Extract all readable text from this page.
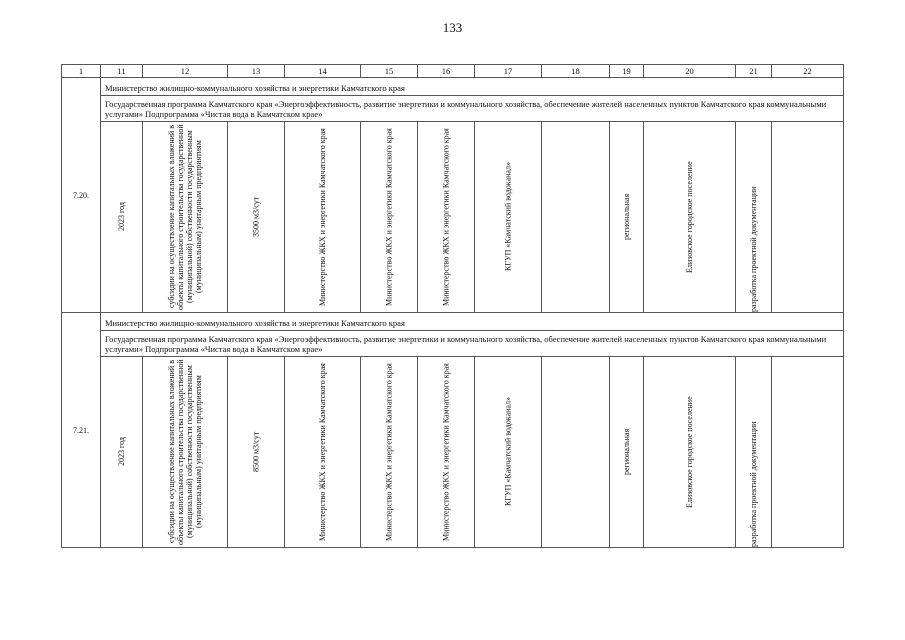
133
1	11	12	13	14	15	16	17	18	19	20	21	22
7.20.	Министерство жилищно-коммунального хозяйства и энергетики Камчатского края											
	Государственная программа Камчатского края «Энергоэффективность, развитие энергетики и коммунального хозяйства, обеспечение жителей населенных пунктов Камчатского края коммунальными услугами» Подпрограмма «Чистая вода в Камчатском крае»											

2023 год	субсидии на осуществление капитальных вложений в объекты капитального строительства государственной (муниципальной) собственности государственным (муниципальным) унитарным предприятиям	3500 м3/сут	Министерство ЖКХ и энергетики Камчатского края	Министерство ЖКХ и энергетики Камчатского края	Министерство ЖКХ и энергетики Камчатского края	КГУП «Камчатский водоканал»		региональная	Елизовское городское поселение	разработка проектной документации	

7.21.	Министерство жилищно-коммунального хозяйства и энергетики Камчатского края											
	Государственная программа Камчатского края «Энергоэффективность, развитие энергетики и коммунального хозяйства, обеспечение жителей населенных пунктов Камчатского края коммунальными услугами» Подпрограмма «Чистая вода в Камчатском крае»											

2023 год	субсидии на осуществление капитальных вложений в объекты капитального строительства государственной (муниципальной) собственности государственным (муниципальным) унитарным предприятиям	8500 м3/сут	Министерство ЖКХ и энергетики Камчатского края	Министерство ЖКХ и энергетики Камчатского края	Министерство ЖКХ и энергетики Камчатского края	КГУП «Камчатский водоканал»		региональная	Елизовское городское поселение	разработка проектной документации	
